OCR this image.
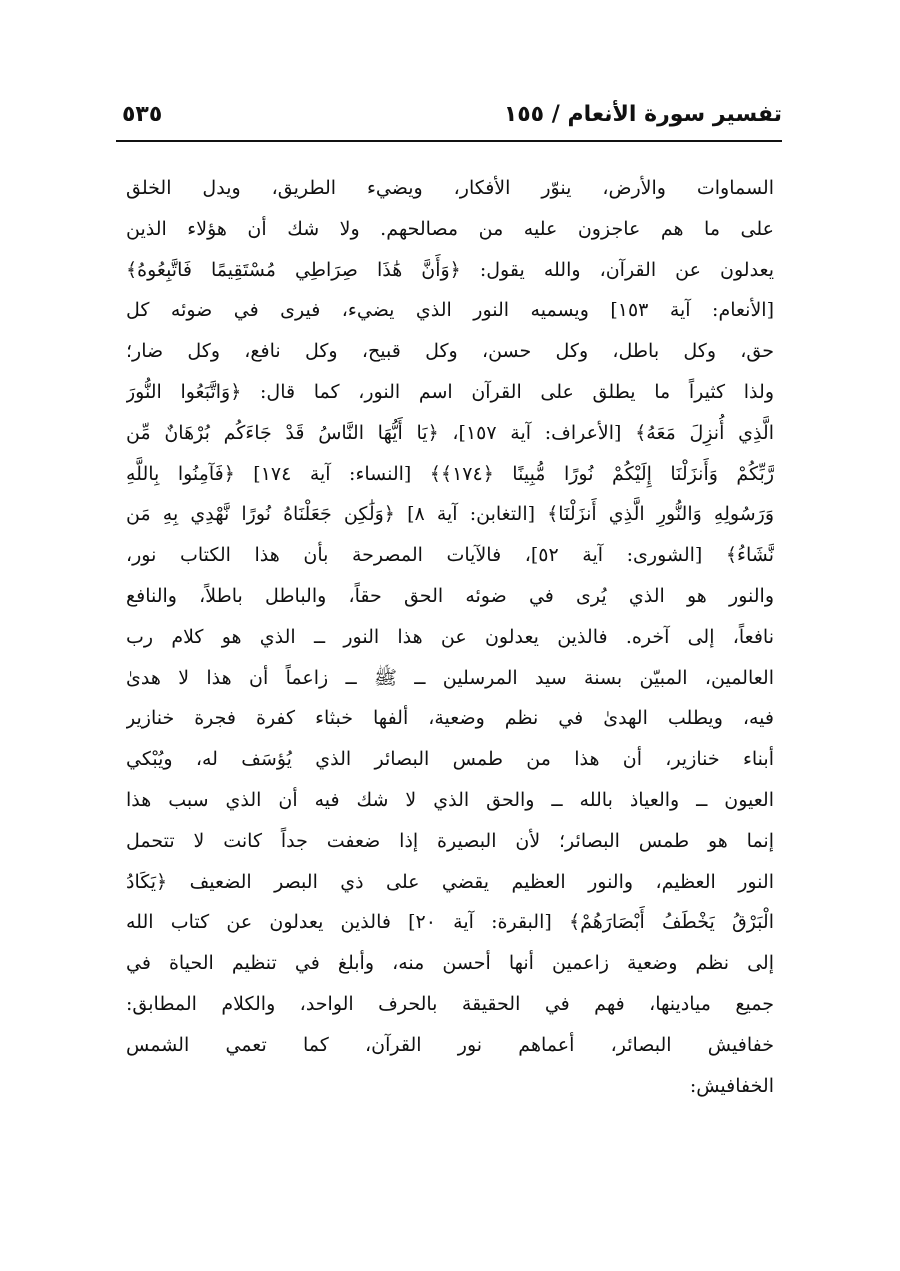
تفسير سورة الأنعام / ١٥٥
٥٣٥
السماوات والأرض، ينوّر الأفكار، ويضيء الطريق، ويدل الخلق
على ما هم عاجزون عليه من مصالحهم. ولا شك أن هؤلاء الذين
يعدلون عن القرآن، والله يقول: ﴿وَأَنَّ هَٰذَا صِرَاطِي مُسْتَقِيمًا فَاتَّبِعُوهُ﴾
[الأنعام: آية ١٥٣] ويسميه النور الذي يضيء، فيرى في ضوئه كل
حق، وكل باطل، وكل حسن، وكل قبيح، وكل نافع، وكل ضار؛
ولذا كثيراً ما يطلق على القرآن اسم النور، كما قال: ﴿وَاتَّبَعُوا النُّورَ
الَّذِي أُنزِلَ مَعَهُ﴾ [الأعراف: آية ١٥٧]، ﴿يَا أَيُّهَا النَّاسُ قَدْ جَاءَكُم بُرْهَانٌ مِّن
رَّبِّكُمْ وَأَنزَلْنَا إِلَيْكُمْ نُورًا مُّبِينًا ﴿١٧٤﴾﴾ [النساء: آية ١٧٤] ﴿فَآمِنُوا بِاللَّهِ
وَرَسُولِهِ وَالنُّورِ الَّذِي أَنزَلْنَا﴾ [التغابن: آية ٨] ﴿وَلَٰكِن جَعَلْنَاهُ نُورًا نَّهْدِي بِهِ مَن
نَّشَاءُ﴾ [الشورى: آية ٥٢]، فالآيات المصرحة بأن هذا الكتاب نور،
والنور هو الذي يُرى في ضوئه الحق حقاً، والباطل باطلاً، والنافع
نافعاً، إلى آخره. فالذين يعدلون عن هذا النور ــ الذي هو كلام رب
العالمين، المبيّن بسنة سيد المرسلين ــ ﷺ ــ زاعماً أن هذا لا هدىٰ
فيه، ويطلب الهدىٰ في نظم وضعية، ألفها خبثاء كفرة فجرة خنازير
أبناء خنازير، أن هذا من طمس البصائر الذي يُؤسَف له، ويُبْكي
العيون ــ والعياذ بالله ــ والحق الذي لا شك فيه أن الذي سبب هذا
إنما هو طمس البصائر؛ لأن البصيرة إذا ضعفت جداً كانت لا تتحمل
النور العظيم، والنور العظيم يقضي على ذي البصر الضعيف ﴿يَكَادُ
الْبَرْقُ يَخْطَفُ أَبْصَارَهُمْ﴾ [البقرة: آية ٢٠] فالذين يعدلون عن كتاب الله
إلى نظم وضعية زاعمين أنها أحسن منه، وأبلغ في تنظيم الحياة في
جميع ميادينها، فهم في الحقيقة بالحرف الواحد، والكلام المطابق:
خفافيش البصائر، أعماهم نور القرآن، كما تعمي الشمس
الخفافيش:
